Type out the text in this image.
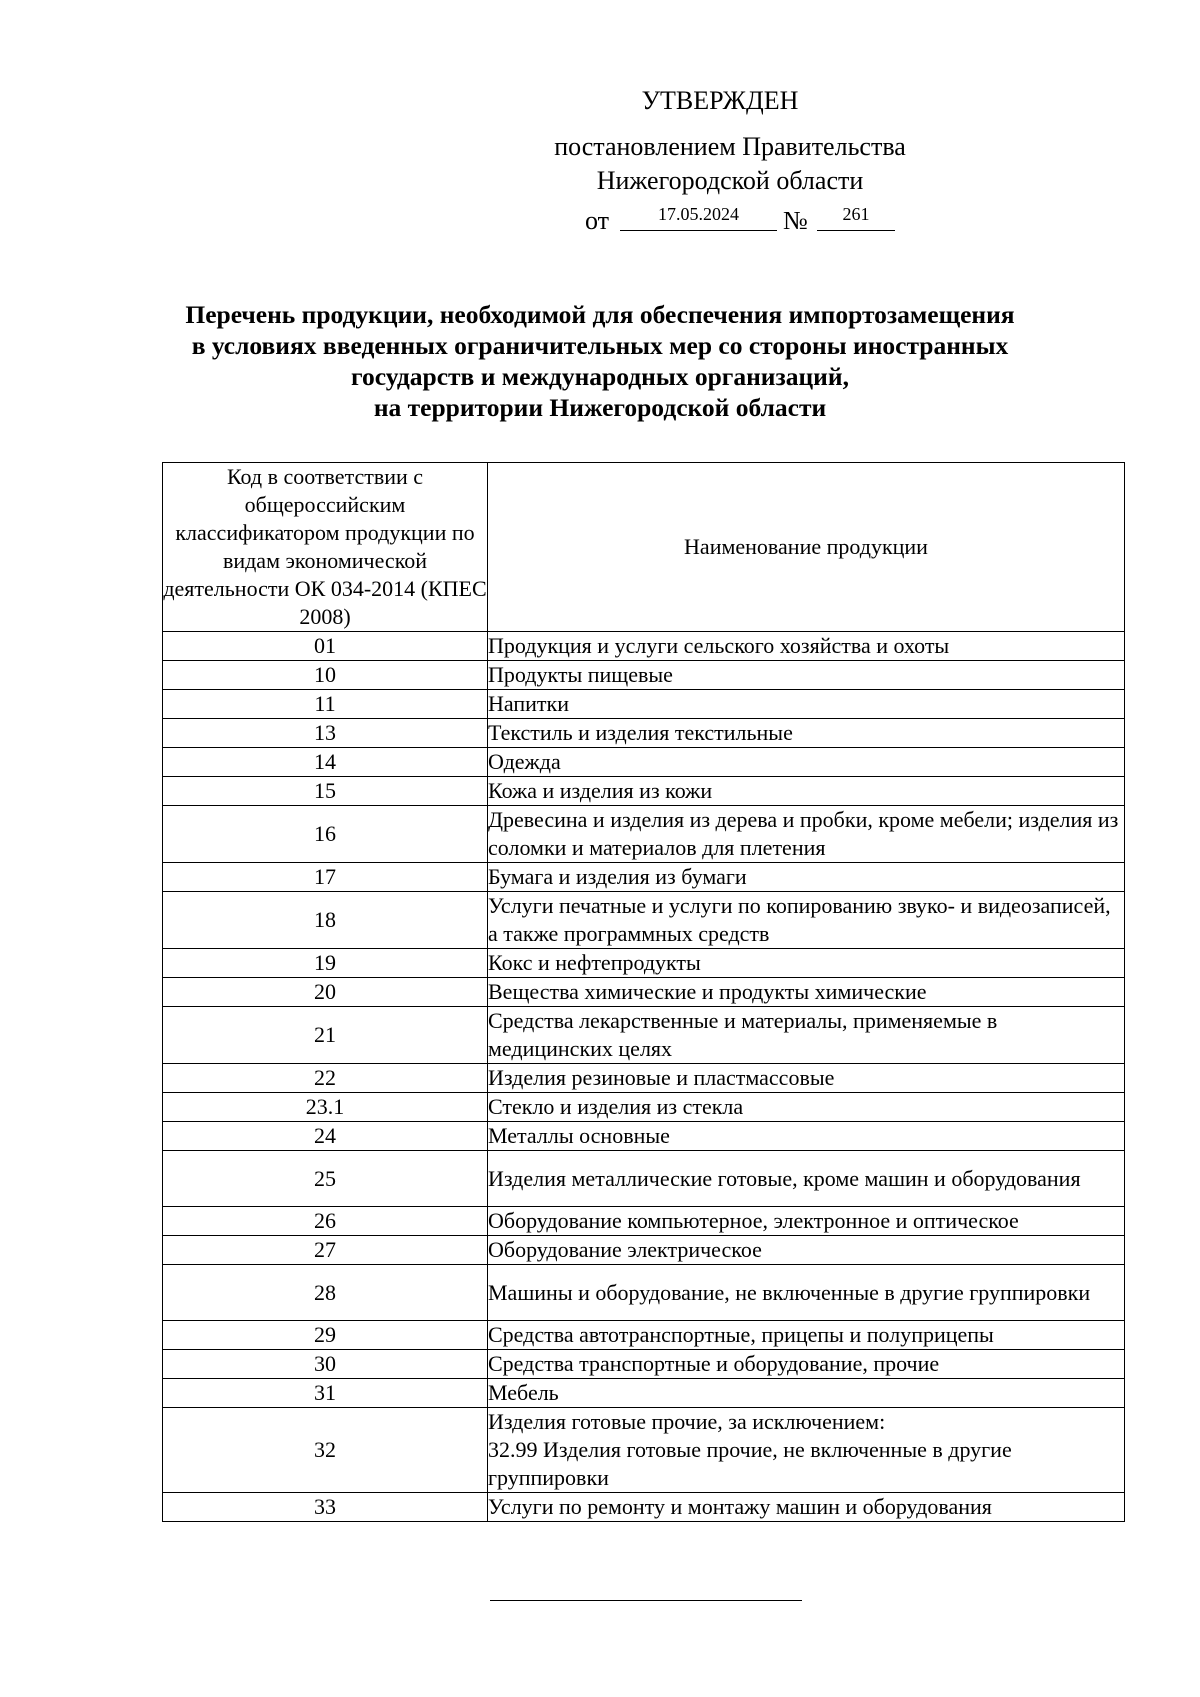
УТВЕРЖДЕН
постановлением Правительства
Нижегородской области
от	17.05.2024	№	261
Перечень продукции, необходимой для обеспечения импортозамещения
в условиях введенных ограничительных мер со стороны иностранных
государств и международных организаций,
на территории Нижегородской области
Код в соответствии с общероссийским классификатором продукции по видам экономической деятельности ОК 034-2014 (КПЕС 2008)	Наименование продукции
01	Продукция и услуги сельского хозяйства и охоты
10	Продукты пищевые
11	Напитки
13	Текстиль и изделия текстильные
14	Одежда
15	Кожа и изделия из кожи
16	Древесина и изделия из дерева и пробки, кроме мебели; изделия из соломки и материалов для плетения
17	Бумага и изделия из бумаги
18	Услуги печатные и услуги по копированию звуко- и видеозаписей, а также программных средств
19	Кокс и нефтепродукты
20	Вещества химические и продукты химические
21	Средства лекарственные и материалы, применяемые в медицинских целях
22	Изделия резиновые и пластмассовые
23.1	Стекло и изделия из стекла
24	Металлы основные
25	Изделия металлические готовые, кроме машин и оборудования
26	Оборудование компьютерное, электронное и оптическое
27	Оборудование электрическое
28	Машины и оборудование, не включенные в другие группировки
29	Средства автотранспортные, прицепы и полуприцепы
30	Средства транспортные и оборудование, прочие
31	Мебель
32	Изделия готовые прочие, за исключением:
32.99 Изделия готовые прочие, не включенные в другие группировки

33	Услуги по ремонту и монтажу машин и оборудования
